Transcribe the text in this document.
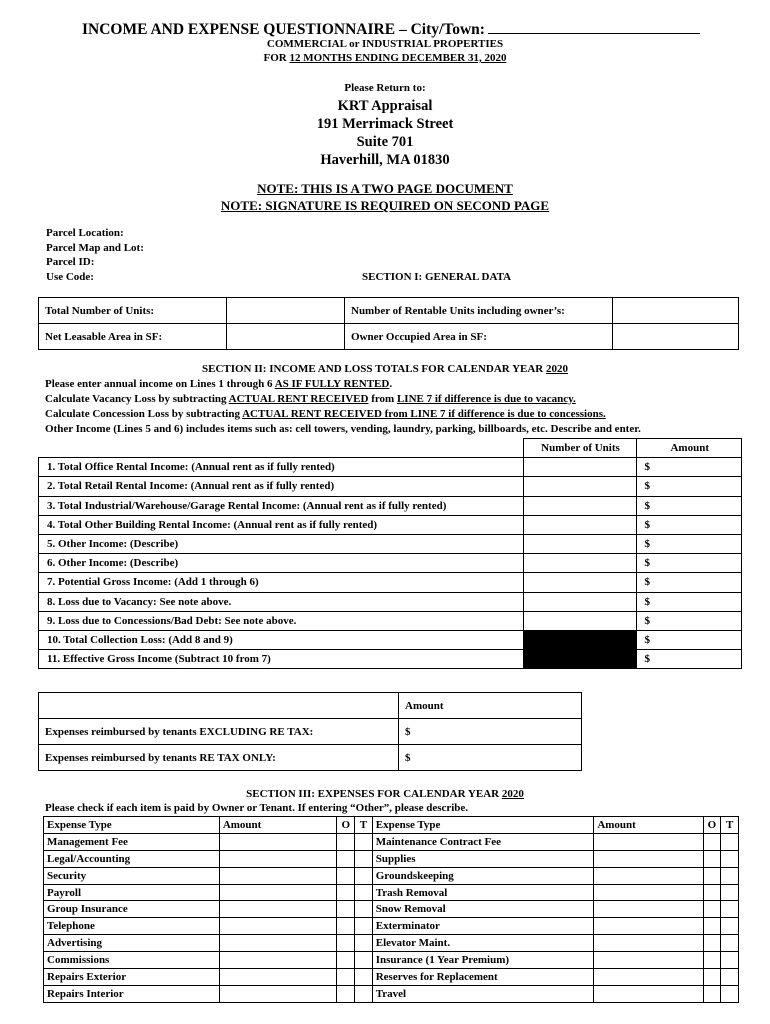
INCOME AND EXPENSE QUESTIONNAIRE – City/Town:
COMMERCIAL or INDUSTRIAL PROPERTIES
FOR 12 MONTHS ENDING DECEMBER 31, 2020
Please Return to:
KRT Appraisal
191 Merrimack Street
Suite 701
Haverhill, MA 01830
NOTE: THIS IS A TWO PAGE DOCUMENT
NOTE: SIGNATURE IS REQUIRED ON SECOND PAGE
Parcel Location:
Parcel Map and Lot:
Parcel ID:
Use Code:	SECTION I: GENERAL DATA
Total Number of Units:		Number of Rentable Units including owner’s:	
Net Leasable Area in SF:		Owner Occupied Area in SF:	
SECTION II: INCOME AND LOSS TOTALS FOR CALENDAR YEAR 2020
Please enter annual income on Lines 1 through 6 AS IF FULLY RENTED.
Calculate Vacancy Loss by subtracting ACTUAL RENT RECEIVED from LINE 7 if difference is due to vacancy.
Calculate Concession Loss by subtracting ACTUAL RENT RECEIVED from LINE 7 if difference is due to concessions.
Other Income (Lines 5 and 6) includes items such as: cell towers, vending, laundry, parking, billboards, etc. Describe and enter.
	Number of Units	Amount
1. Total Office Rental Income: (Annual rent as if fully rented)		$
2. Total Retail Rental Income: (Annual rent as if fully rented)		$
3. Total Industrial/Warehouse/Garage Rental Income: (Annual rent as if fully rented)		$
4. Total Other Building Rental Income: (Annual rent as if fully rented)		$
5. Other Income: (Describe)		$
6. Other Income: (Describe)		$
7. Potential Gross Income: (Add 1 through 6)		$
8. Loss due to Vacancy: See note above.		$
9. Loss due to Concessions/Bad Debt: See note above.		$
10. Total Collection Loss: (Add 8 and 9)		$
11. Effective Gross Income (Subtract 10 from 7)		$
	Amount
Expenses reimbursed by tenants EXCLUDING RE TAX:	$
Expenses reimbursed by tenants RE TAX ONLY:	$
SECTION III: EXPENSES FOR CALENDAR YEAR 2020
Please check if each item is paid by Owner or Tenant. If entering “Other”, please describe.
Expense Type	Amount	O	T	Expense Type	Amount	O	T
Management Fee				Maintenance Contract Fee			
Legal/Accounting				Supplies			
Security				Groundskeeping			
Payroll				Trash Removal			
Group Insurance				Snow Removal			
Telephone				Exterminator			
Advertising				Elevator Maint.			
Commissions				Insurance (1 Year Premium)			
Repairs Exterior				Reserves for Replacement			
Repairs Interior				Travel			
